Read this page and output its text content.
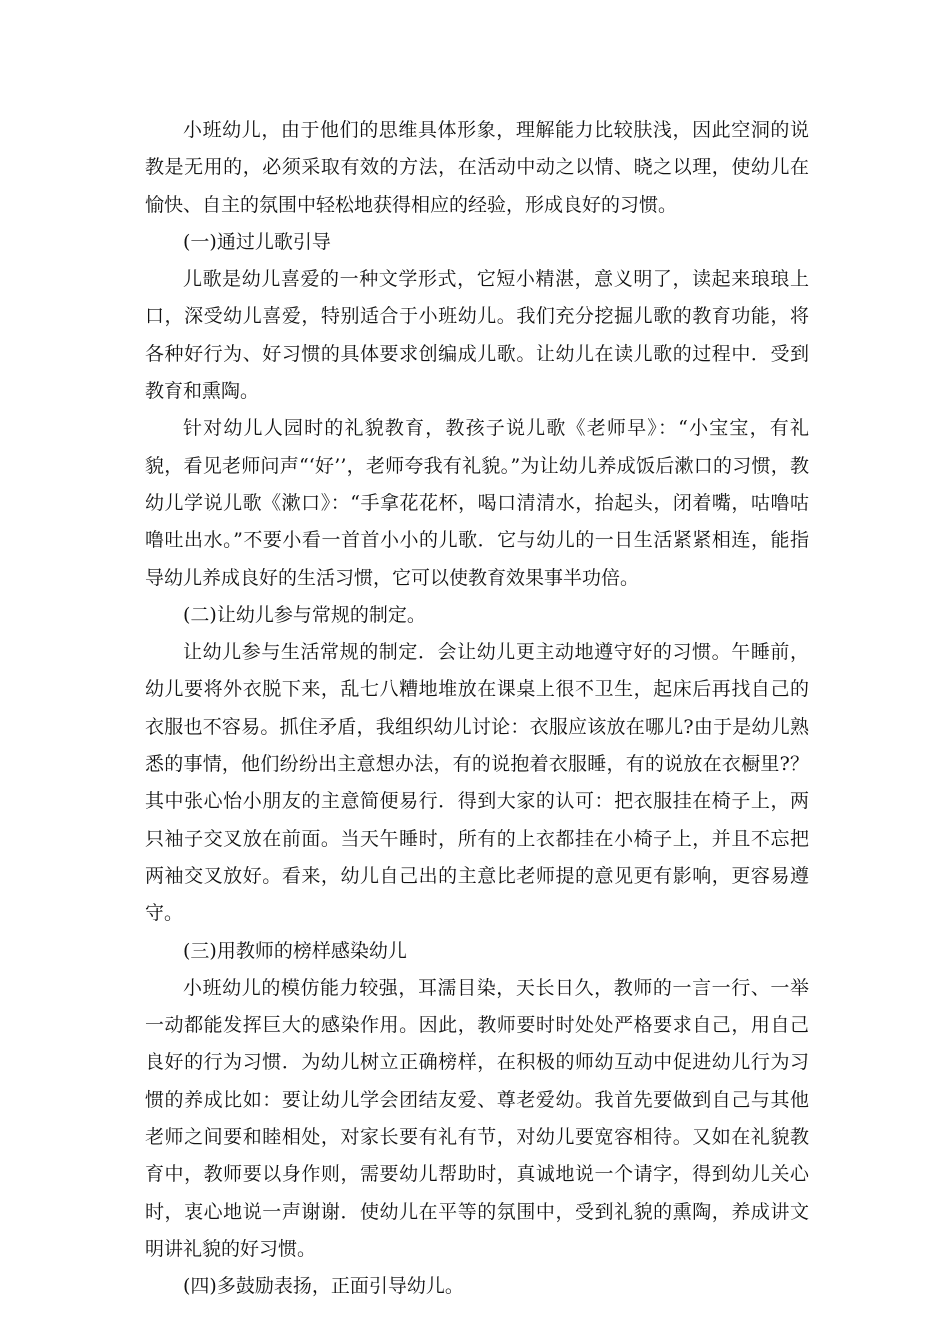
小班幼儿，由于他们的思维具体形象，理解能力比较肤浅，因此空洞的说教是无用的，必须采取有效的方法，在活动中动之以情、晓之以理，使幼儿在愉快、自主的氛围中轻松地获得相应的经验，形成良好的习惯。

(一)通过儿歌引导

儿歌是幼儿喜爱的一种文学形式，它短小精湛，意义明了，读起来琅琅上口，深受幼儿喜爱，特别适合于小班幼儿。我们充分挖掘儿歌的教育功能，将各种好行为、好习惯的具体要求创编成儿歌。让幼儿在读儿歌的过程中．受到教育和熏陶。

针对幼儿人园时的礼貌教育，教孩子说儿歌《老师早》：“小宝宝，有礼貌，看见老师问声“‘好’’，老师夸我有礼貌。”为让幼儿养成饭后漱口的习惯，教幼儿学说儿歌《漱口》：“手拿花花杯，喝口清清水，抬起头，闭着嘴，咕噜咕噜吐出水。”不要小看一首首小小的儿歌．它与幼儿的一日生活紧紧相连，能指导幼儿养成良好的生活习惯，它可以使教育效果事半功倍。

(二)让幼儿参与常规的制定。

让幼儿参与生活常规的制定．会让幼儿更主动地遵守好的习惯。午睡前，幼儿要将外衣脱下来，乱七八糟地堆放在课桌上很不卫生，起床后再找自己的衣服也不容易。抓住矛盾，我组织幼儿讨论：衣服应该放在哪儿?由于是幼儿熟悉的事情，他们纷纷出主意想办法，有的说抱着衣服睡，有的说放在衣橱里?？其中张心怡小朋友的主意简便易行．得到大家的认可：把衣服挂在椅子上，两只袖子交叉放在前面。当天午睡时，所有的上衣都挂在小椅子上，并且不忘把两袖交叉放好。看来，幼儿自己出的主意比老师提的意见更有影响，更容易遵守。

(三)用教师的榜样感染幼儿

小班幼儿的模仿能力较强，耳濡目染，天长日久，教师的一言一行、一举一动都能发挥巨大的感染作用。因此，教师要时时处处严格要求自己，用自己良好的行为习惯．为幼儿树立正确榜样，在积极的师幼互动中促进幼儿行为习惯的养成比如：要让幼儿学会团结友爱、尊老爱幼。我首先要做到自己与其他老师之间要和睦相处，对家长要有礼有节，对幼儿要宽容相待。又如在礼貌教育中，教师要以身作则，需要幼儿帮助时，真诚地说一个请字，得到幼儿关心时，衷心地说一声谢谢．使幼儿在平等的氛围中，受到礼貌的熏陶，养成讲文明讲礼貌的好习惯。

(四)多鼓励表扬，正面引导幼儿。
